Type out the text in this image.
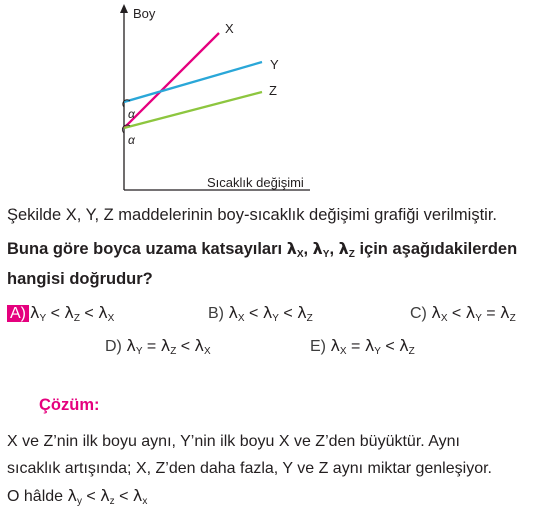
Boy
Sıcaklık değişimi
X
Y
Z
α
α
Şekilde X, Y, Z maddelerinin boy-sıcaklık değişimi grafiği verilmiştir.
Buna göre boyca uzama katsayıları $\lambda_X$, $\lambda_Y$, $\lambda_Z$ için aşağıdakilerden hangisi doğrudur?
A) $\lambda_Y < \lambda_Z < \lambda_X$	B) $\lambda_X < \lambda_Y < \lambda_Z$	C) $\lambda_X < \lambda_Y = \lambda_Z$
D) $\lambda_Y = \lambda_Z < \lambda_X$	E) $\lambda_X = \lambda_Y < \lambda_Z$
Çözüm:
X ve Z’nin ilk boyu aynı, Y’nin ilk boyu X ve Z’den büyüktür. Aynı
sıcaklık artışında; X, Z’den daha fazla, Y ve Z aynı miktar genleşiyor.
O hâlde $\lambda_y < \lambda_z < \lambda_x$
